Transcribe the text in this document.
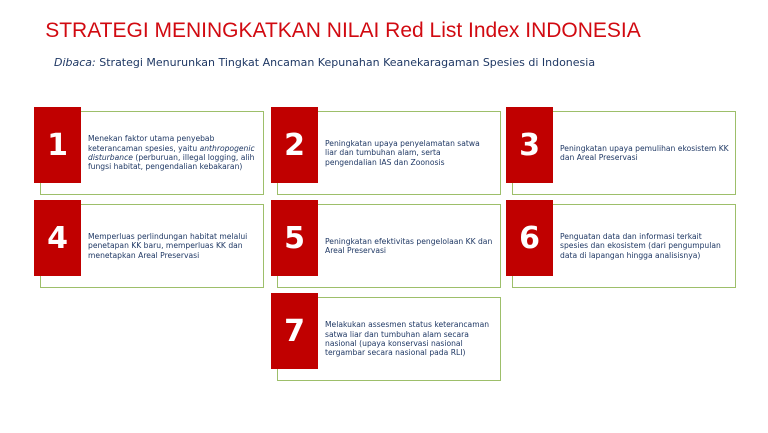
STRATEGI MENINGKATKAN NILAI Red List Index INDONESIA
Dibaca: Strategi Menurunkan Tingkat Ancaman Kepunahan Keanekaragaman Spesies di Indonesia
1	Menekan faktor utama penyebab keterancaman spesies, yaitu anthropogenic disturbance (perburuan, illegal logging, alih fungsi habitat, pengendalian kebakaran)
2	Peningkatan upaya penyelamatan satwa liar dan tumbuhan alam, serta pengendalian IAS dan Zoonosis	3	Peningkatan upaya pemulihan ekosistem KK dan Areal Preservasi
4	Memperluas perlindungan habitat melalui penetapan KK baru, memperluas KK dan menetapkan Areal Preservasi	5	Peningkatan efektivitas pengelolaan KK dan Areal Preservasi	6	Penguatan data dan informasi terkait spesies dan ekosistem (dari pengumpulan data di lapangan hingga analisisnya)
7	Melakukan assesmen status keterancaman satwa liar dan tumbuhan alam secara nasional (upaya konservasi nasional tergambar secara nasional pada RLI)
